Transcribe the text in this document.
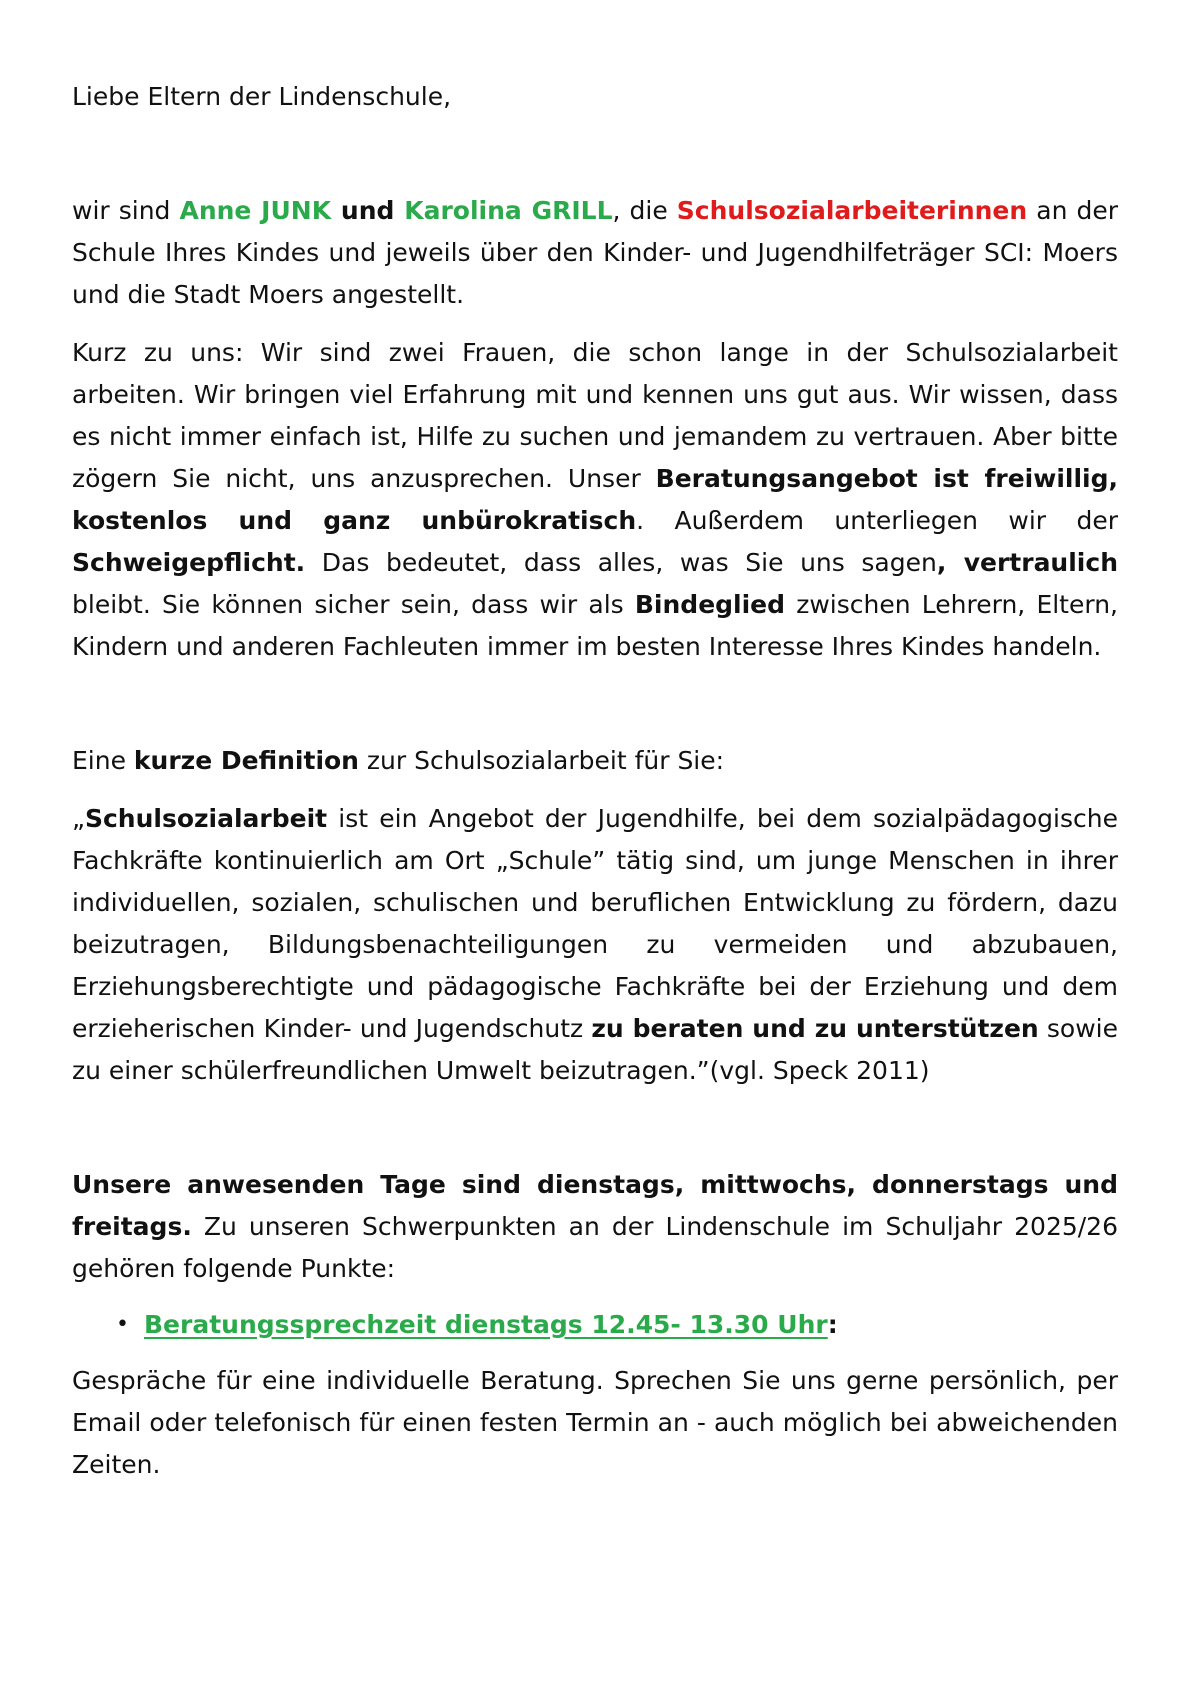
Liebe Eltern der Lindenschule,

wir sind Anne JUNK und Karolina GRILL, die Schulsozialarbeiterinnen an der Schule Ihres Kindes und jeweils über den Kinder- und Jugendhilfeträger SCI: Moers und die Stadt Moers angestellt.

Kurz zu uns: Wir sind zwei Frauen, die schon lange in der Schulsozialarbeit arbeiten. Wir bringen viel Erfahrung mit und kennen uns gut aus. Wir wissen, dass es nicht immer einfach ist, Hilfe zu suchen und jemandem zu vertrauen. Aber bitte zögern Sie nicht, uns anzusprechen. Unser Beratungsangebot ist freiwillig, kostenlos und ganz unbürokratisch. Außerdem unterliegen wir der Schweigepflicht. Das bedeutet, dass alles, was Sie uns sagen, vertraulich bleibt. Sie können sicher sein, dass wir als Bindeglied zwischen Lehrern, Eltern, Kindern und anderen Fachleuten immer im besten Interesse Ihres Kindes handeln.

Eine kurze Definition zur Schulsozialarbeit für Sie:

„Schulsozialarbeit ist ein Angebot der Jugendhilfe, bei dem sozialpädagogische Fachkräfte kontinuierlich am Ort „Schule” tätig sind, um junge Menschen in ihrer individuellen, sozialen, schulischen und beruflichen Entwicklung zu fördern, dazu beizutragen, Bildungsbenachteiligungen zu vermeiden und abzubauen, Erziehungsberechtigte und pädagogische Fachkräfte bei der Erziehung und dem erzieherischen Kinder- und Jugendschutz zu beraten und zu unterstützen sowie zu einer schülerfreundlichen Umwelt beizutragen.”(vgl. Speck 2011)

Unsere anwesenden Tage sind dienstags, mittwochs, donnerstags und freitags. Zu unseren Schwerpunkten an der Lindenschule im Schuljahr 2025/26 gehören folgende Punkte:

• Beratungssprechzeit dienstags 12.45- 13.30 Uhr:

Gespräche für eine individuelle Beratung. Sprechen Sie uns gerne persönlich, per Email oder telefonisch für einen festen Termin an - auch möglich bei abweichenden Zeiten.
